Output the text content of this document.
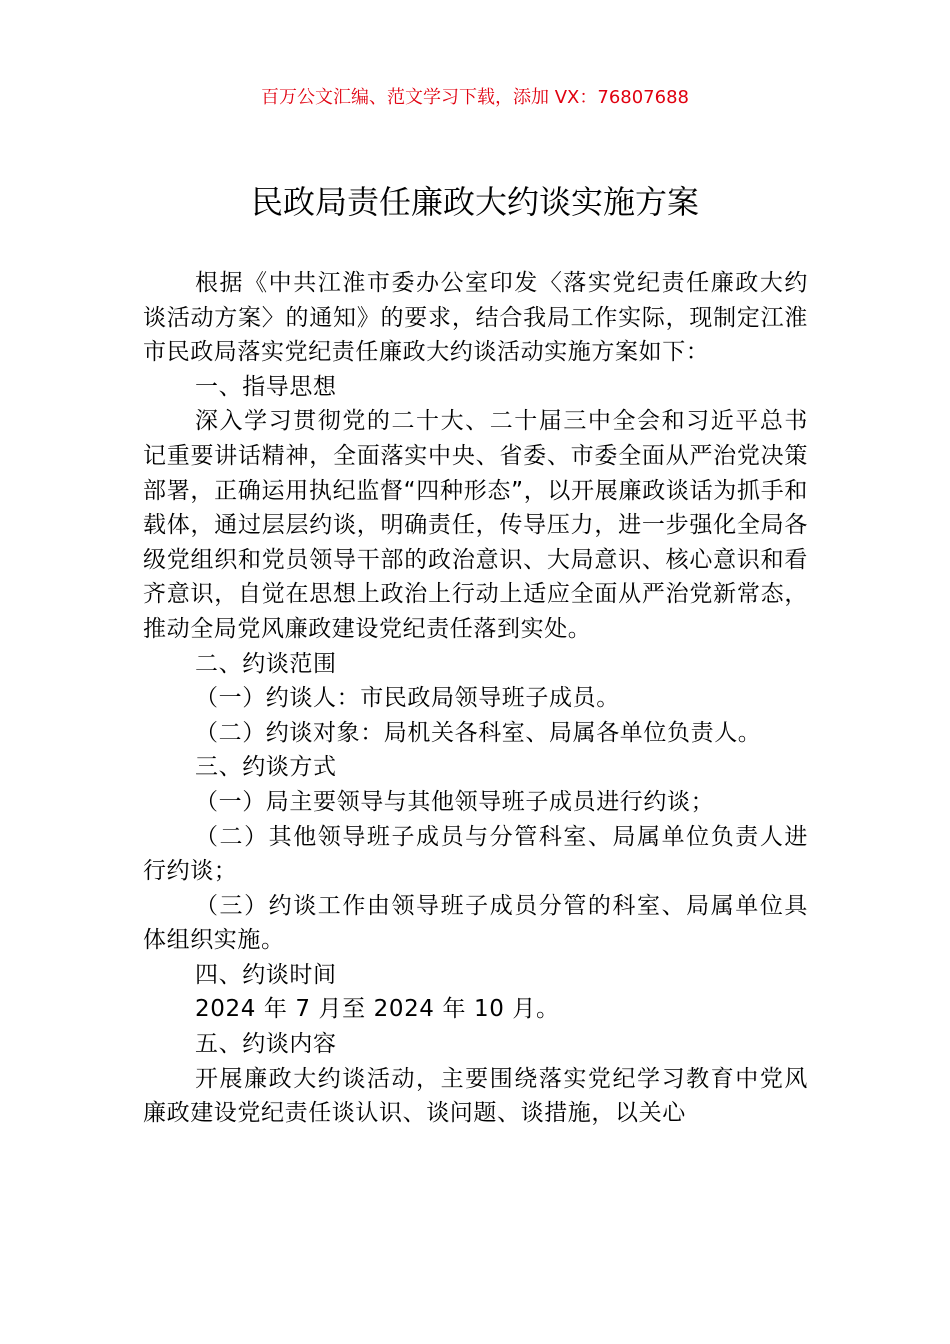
百万公文汇编、范文学习下载，添加 VX：76807688
民政局责任廉政大约谈实施方案

根据《中共江淮市委办公室印发〈落实党纪责任廉政大约谈活动方案〉的通知》的要求，结合我局工作实际，现制定江淮市民政局落实党纪责任廉政大约谈活动实施方案如下：

一、指导思想

深入学习贯彻党的二十大、二十届三中全会和习近平总书记重要讲话精神，全面落实中央、省委、市委全面从严治党决策部署，正确运用执纪监督“四种形态”，以开展廉政谈话为抓手和载体，通过层层约谈，明确责任，传导压力，进一步强化全局各级党组织和党员领导干部的政治意识、大局意识、核心意识和看齐意识，自觉在思想上政治上行动上适应全面从严治党新常态，推动全局党风廉政建设党纪责任落到实处。

二、约谈范围

（一）约谈人：市民政局领导班子成员。

（二）约谈对象：局机关各科室、局属各单位负责人。

三、约谈方式

（一）局主要领导与其他领导班子成员进行约谈；

（二）其他领导班子成员与分管科室、局属单位负责人进行约谈；

（三）约谈工作由领导班子成员分管的科室、局属单位具体组织实施。

四、约谈时间

2024 年 7 月至 2024 年 10 月。

五、约谈内容

开展廉政大约谈活动，主要围绕落实党纪学习教育中党风廉政建设党纪责任谈认识、谈问题、谈措施，以关心
